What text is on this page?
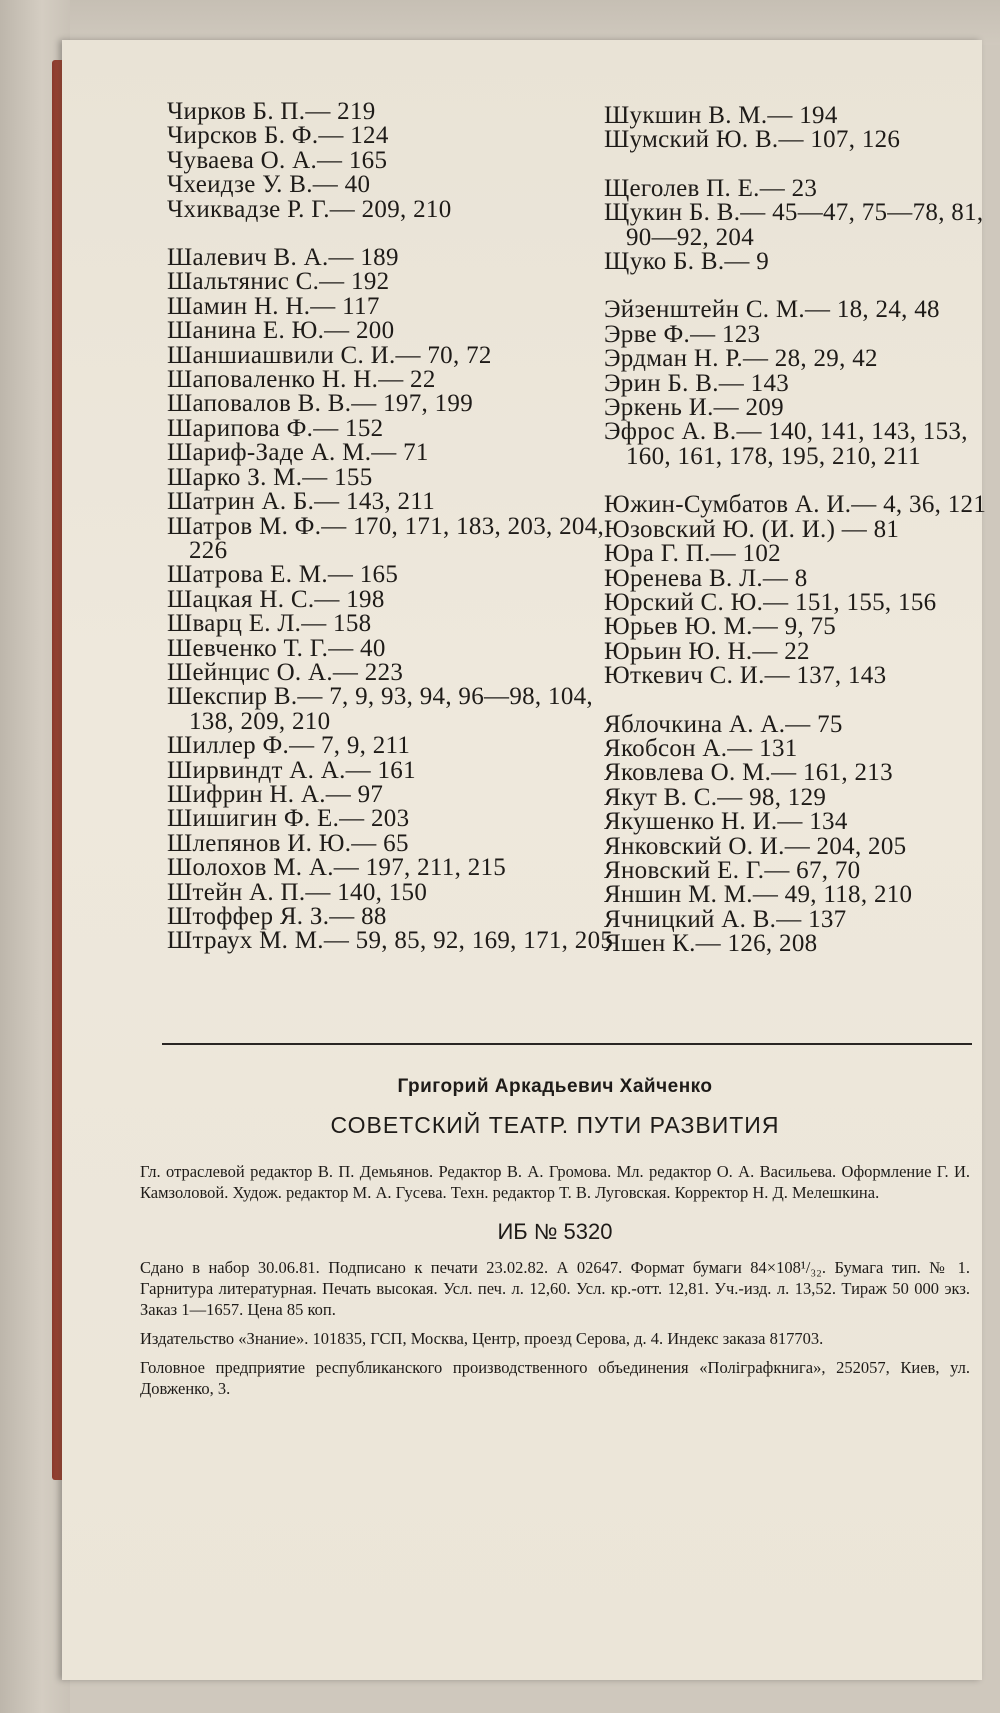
Чирков Б. П.— 219
Чирсков Б. Ф.— 124
Чуваева О. А.— 165
Чхеидзе У. В.— 40
Чхиквадзе Р. Г.— 209, 210
Шалевич В. А.— 189
Шальтянис С.— 192
Шамин Н. Н.— 117
Шанина Е. Ю.— 200
Шаншиашвили С. И.— 70, 72
Шаповаленко Н. Н.— 22
Шаповалов В. В.— 197, 199
Шарипова Ф.— 152
Шариф-Заде А. М.— 71
Шарко З. М.— 155
Шатрин А. Б.— 143, 211
Шатров М. Ф.— 170, 171, 183, 203, 204, 226
Шатрова Е. М.— 165
Шацкая Н. С.— 198
Шварц Е. Л.— 158
Шевченко Т. Г.— 40
Шейнцис О. А.— 223
Шекспир В.— 7, 9, 93, 94, 96—98, 104, 138, 209, 210
Шиллер Ф.— 7, 9, 211
Ширвиндт А. А.— 161
Шифрин Н. А.— 97
Шишигин Ф. Е.— 203
Шлепянов И. Ю.— 65
Шолохов М. А.— 197, 211, 215
Штейн А. П.— 140, 150
Штоффер Я. З.— 88
Штраух М. М.— 59, 85, 92, 169, 171, 205
Шукшин В. М.— 194
Шумский Ю. В.— 107, 126
Щеголев П. Е.— 23
Щукин Б. В.— 45—47, 75—78, 81, 90—92, 204
Щуко Б. В.— 9
Эйзенштейн С. М.— 18, 24, 48
Эрве Ф.— 123
Эрдман Н. Р.— 28, 29, 42
Эрин Б. В.— 143
Эркень И.— 209
Эфрос А. В.— 140, 141, 143, 153, 160, 161, 178, 195, 210, 211
Южин-Сумбатов А. И.— 4, 36, 121
Юзовский Ю. (И. И.) — 81
Юра Г. П.— 102
Юренева В. Л.— 8
Юрский С. Ю.— 151, 155, 156
Юрьев Ю. М.— 9, 75
Юрьин Ю. Н.— 22
Юткевич С. И.— 137, 143
Яблочкина А. А.— 75
Якобсон А.— 131
Яковлева О. М.— 161, 213
Якут В. С.— 98, 129
Якушенко Н. И.— 134
Янковский О. И.— 204, 205
Яновский Е. Г.— 67, 70
Яншин М. М.— 49, 118, 210
Ячницкий А. В.— 137
Яшен К.— 126, 208
Григорий Аркадьевич Хайченко
СОВЕТСКИЙ ТЕАТР. ПУТИ РАЗВИТИЯ
Гл. отраслевой редактор В. П. Демьянов. Редактор В. А. Громова. Мл. редактор О. А. Васильева. Оформление Г. И. Камзоловой. Худож. редактор М. А. Гусева. Техн. редактор Т. В. Луговская. Корректор Н. Д. Мелешкина.
ИБ № 5320
Сдано в набор 30.06.81. Подписано к печати 23.02.82. А 02647. Формат бумаги 84×108¹/₃₂. Бумага тип. № 1. Гарнитура литературная. Печать высокая. Усл. печ. л. 12,60. Усл. кр.-отт. 12,81. Уч.-изд. л. 13,52. Тираж 50 000 экз. Заказ 1—1657. Цена 85 коп.
Издательство «Знание». 101835, ГСП, Москва, Центр, проезд Серова, д. 4. Индекс заказа 817703.
Головное предприятие республиканского производственного объединения «Поліграфкнига», 252057, Киев, ул. Довженко, 3.
